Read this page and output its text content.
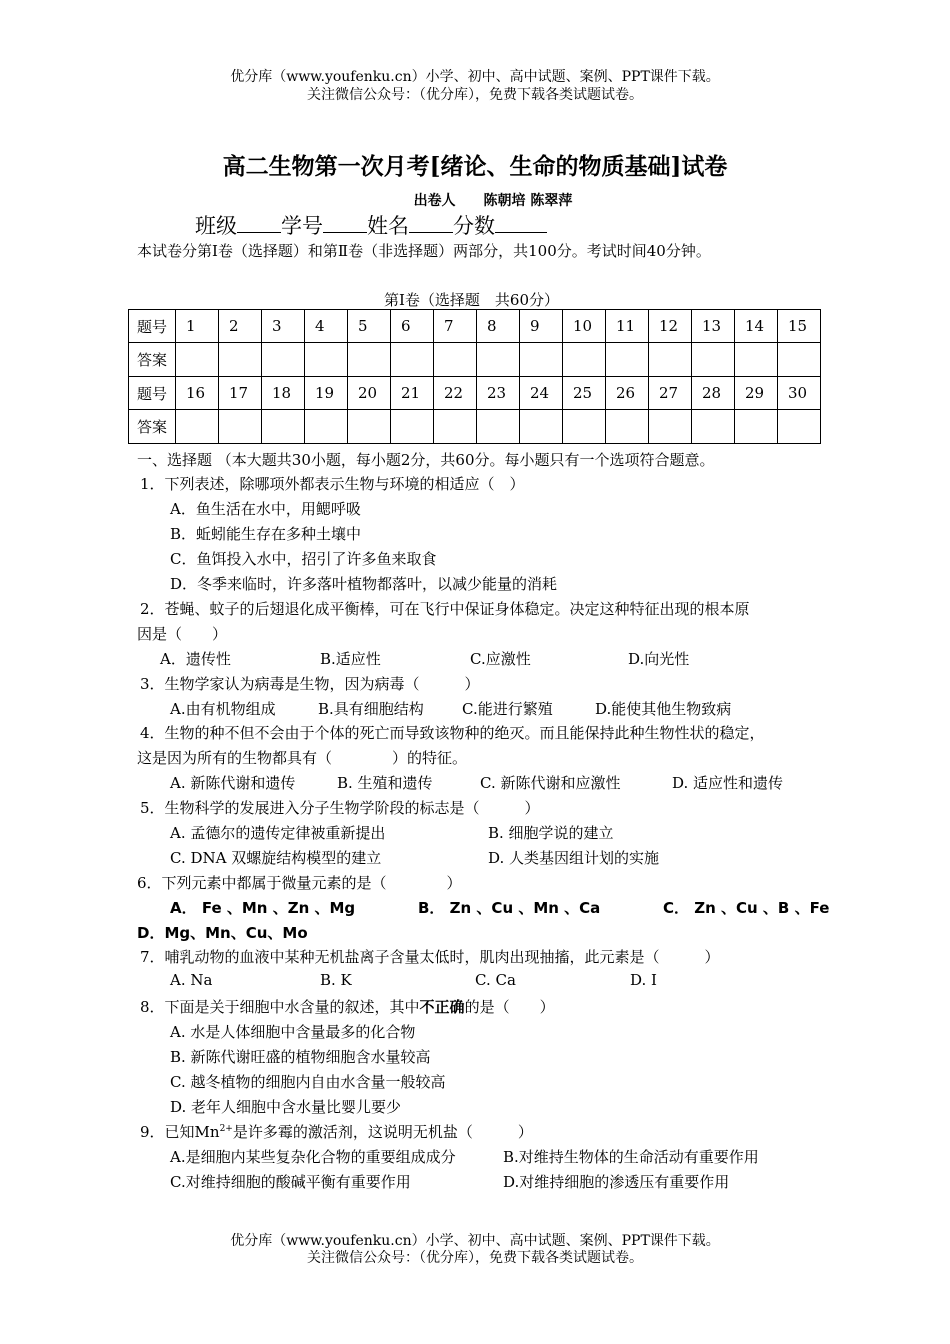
优分库（www.youfenku.cn）小学、初中、高中试题、案例、PPT课件下载。
关注微信公众号：（优分库），免费下载各类试题试卷。
高二生物第一次月考[绪论、生命的物质基础]试卷
出卷人　　陈朝培 陈翠萍
班级 学号 姓名 分数
本试卷分第Ⅰ卷（选择题）和第Ⅱ卷（非选择题）两部分，共100分。考试时间40分钟。
第Ⅰ卷（选择题　共60分）
题号	1	2	3	4	5	6	7	8	9	10	11	12	13	14	15
答案															
题号	16	17	18	19	20	21	22	23	24	25	26	27	28	29	30
答案															
一、选择题 （本大题共30小题，每小题2分，共60分。每小题只有一个选项符合题意。
1．下列表述，除哪项外都表示生物与环境的相适应（　）
A．鱼生活在水中，用鳃呼吸
B．蚯蚓能生存在多种土壤中
C．鱼饵投入水中，招引了许多鱼来取食
D．冬季来临时，许多落叶植物都落叶，以减少能量的消耗
2．苍蝇、蚊子的后翅退化成平衡棒，可在飞行中保证身体稳定。决定这种特征出现的根本原
因是（　　）
A．遗传性	B.适应性	C.应激性	D.向光性
3．生物学家认为病毒是生物，因为病毒（　　　）
A.由有机物组成	B.具有细胞结构	C.能进行繁殖	D.能使其他生物致病
4．生物的种不但不会由于个体的死亡而导致该物种的绝灭。而且能保持此种生物性状的稳定，
这是因为所有的生物都具有（　　　　）的特征。
A. 新陈代谢和遗传	B. 生殖和遗传	C. 新陈代谢和应激性	D. 适应性和遗传
5．生物科学的发展进入分子生物学阶段的标志是（　　　）
A. 孟德尔的遗传定律被重新提出	B. 细胞学说的建立
C. DNA 双螺旋结构模型的建立	D. 人类基因组计划的实施
6．下列元素中都属于微量元素的是（　　　　）
A． Fe 、Mn 、Zn 、Mg	B． Zn 、Cu 、Mn 、Ca	C． Zn 、Cu 、B 、Fe
D．Mg、Mn、Cu、Mo
7．哺乳动物的血液中某种无机盐离子含量太低时，肌肉出现抽搐，此元素是（　　　）
A. Na	B. K	C. Ca	D. I
8．下面是关于细胞中水含量的叙述，其中不正确的是（　　）
A. 水是人体细胞中含量最多的化合物
B. 新陈代谢旺盛的植物细胞含水量较高
C. 越冬植物的细胞内自由水含量一般较高
D. 老年人细胞中含水量比婴儿要少
9．已知$Mn^{2+}$是许多霉的激活剂，这说明无机盐（　　　）
A.是细胞内某些复杂化合物的重要组成成分	B.对维持生物体的生命活动有重要作用
C.对维持细胞的酸碱平衡有重要作用	D.对维持细胞的渗透压有重要作用
优分库（www.youfenku.cn）小学、初中、高中试题、案例、PPT课件下载。
关注微信公众号：（优分库），免费下载各类试题试卷。
